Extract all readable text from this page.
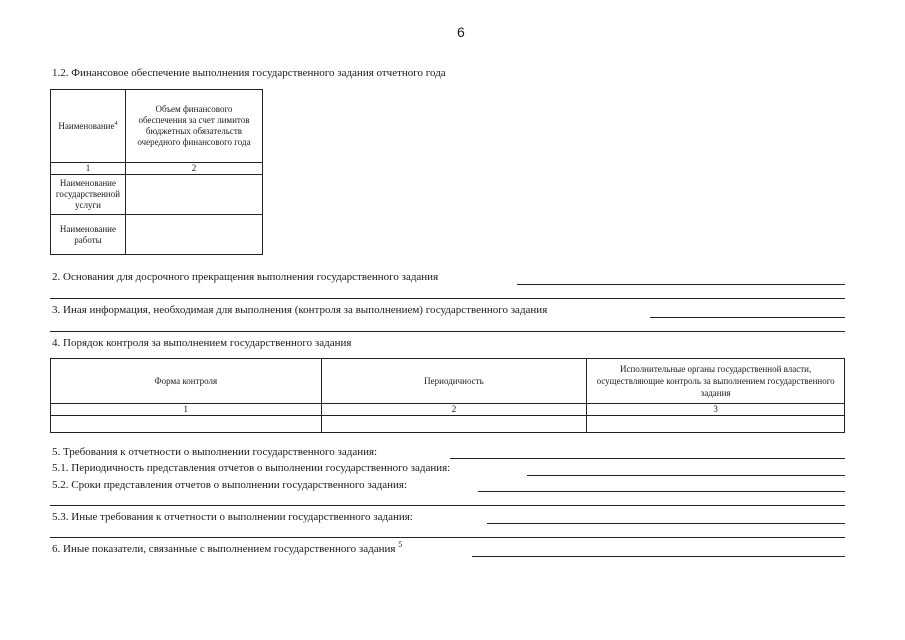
6
1.2. Финансовое обеспечение выполнения государственного задания отчетного года
Наименование$^4$	Объем финансового обеспечения за счет лимитов бюджетных обязательств очередного финансового года
1	2
Наименование государственной услуги	
Наименование работы	
2. Основания для досрочного прекращения выполнения государственного задания
3. Иная информация, необходимая для выполнения (контроля за выполнением) государственного задания
4. Порядок контроля за выполнением государственного задания
Форма контроля	Периодичность	Исполнительные органы государственной власти, осуществляющие контроль за выполнением государственного задания
1	2	3

5. Требования к отчетности о выполнении государственного задания:
5.1. Периодичность представления отчетов о выполнении государственного задания:
5.2. Сроки представления отчетов о выполнении государственного задания:
5.3. Иные требования к отчетности о выполнении государственного задания:
6. Иные показатели, связанные с выполнением государственного задания $^5$
